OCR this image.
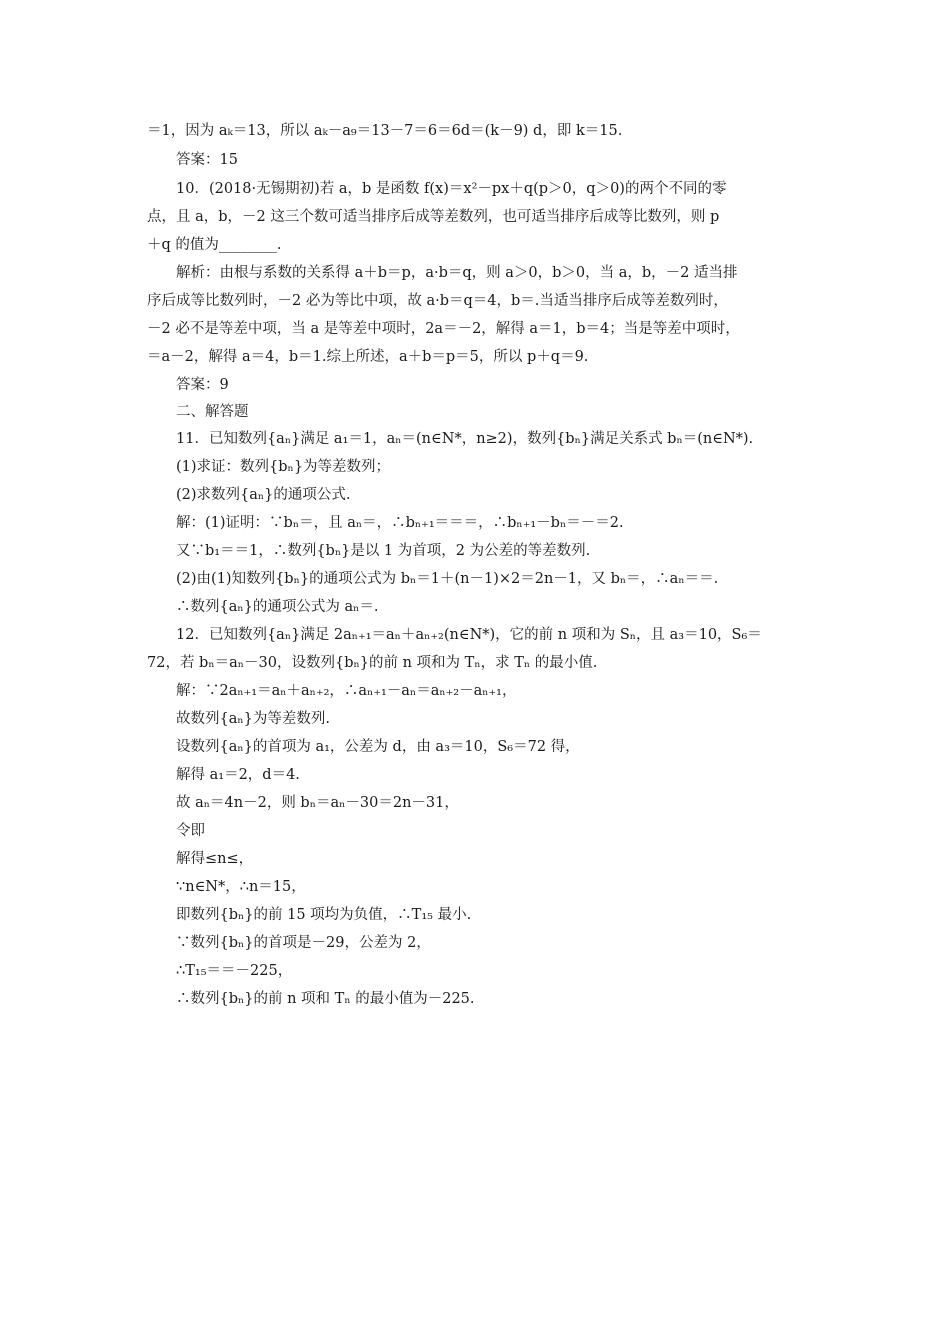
＝1，因为 aₖ＝13，所以 aₖ－a₉＝13－7＝6＝6d＝(k－9) d，即 k＝15.
答案：15
10．(2018·无锡期初)若 a，b 是函数 f(x)＝x²－px＋q(p＞0，q＞0)的两个不同的零
点，且 a，b，－2 这三个数可适当排序后成等差数列，也可适当排序后成等比数列，则 p
＋q 的值为________.
解析：由根与系数的关系得 a＋b＝p，a·b＝q，则 a＞0，b＞0，当 a，b，－2 适当排
序后成等比数列时，－2 必为等比中项，故 a·b＝q＝4，b＝.当适当排序后成等差数列时，
－2 必不是等差中项，当 a 是等差中项时，2a＝－2，解得 a＝1，b＝4；当是等差中项时，
＝a－2，解得 a＝4，b＝1.综上所述，a＋b＝p＝5，所以 p＋q＝9.
答案：9
二、解答题
11．已知数列{aₙ}满足 a₁＝1，aₙ＝(n∈N*，n≥2)，数列{bₙ}满足关系式 bₙ＝(n∈N*).
(1)求证：数列{bₙ}为等差数列；
(2)求数列{aₙ}的通项公式.
解：(1)证明：∵bₙ＝，且 aₙ＝，∴bₙ₊₁＝＝＝，∴bₙ₊₁－bₙ＝－＝2.
又∵b₁＝＝1，∴数列{bₙ}是以 1 为首项，2 为公差的等差数列.
(2)由(1)知数列{bₙ}的通项公式为 bₙ＝1＋(n－1)×2＝2n－1，又 bₙ＝，∴aₙ＝＝.
∴数列{aₙ}的通项公式为 aₙ＝.
12．已知数列{aₙ}满足 2aₙ₊₁＝aₙ＋aₙ₊₂(n∈N*)，它的前 n 项和为 Sₙ，且 a₃＝10，S₆＝
72，若 bₙ＝aₙ－30，设数列{bₙ}的前 n 项和为 Tₙ，求 Tₙ 的最小值.
解：∵2aₙ₊₁＝aₙ＋aₙ₊₂，∴aₙ₊₁－aₙ＝aₙ₊₂－aₙ₊₁，
故数列{aₙ}为等差数列.
设数列{aₙ}的首项为 a₁，公差为 d，由 a₃＝10，S₆＝72 得，
解得 a₁＝2，d＝4.
故 aₙ＝4n－2，则 bₙ＝aₙ－30＝2n－31，
令即
解得≤n≤，
∵n∈N*，∴n＝15，
即数列{bₙ}的前 15 项均为负值，∴T₁₅ 最小.
∵数列{bₙ}的首项是－29，公差为 2，
∴T₁₅＝＝－225，
∴数列{bₙ}的前 n 项和 Tₙ 的最小值为－225.
